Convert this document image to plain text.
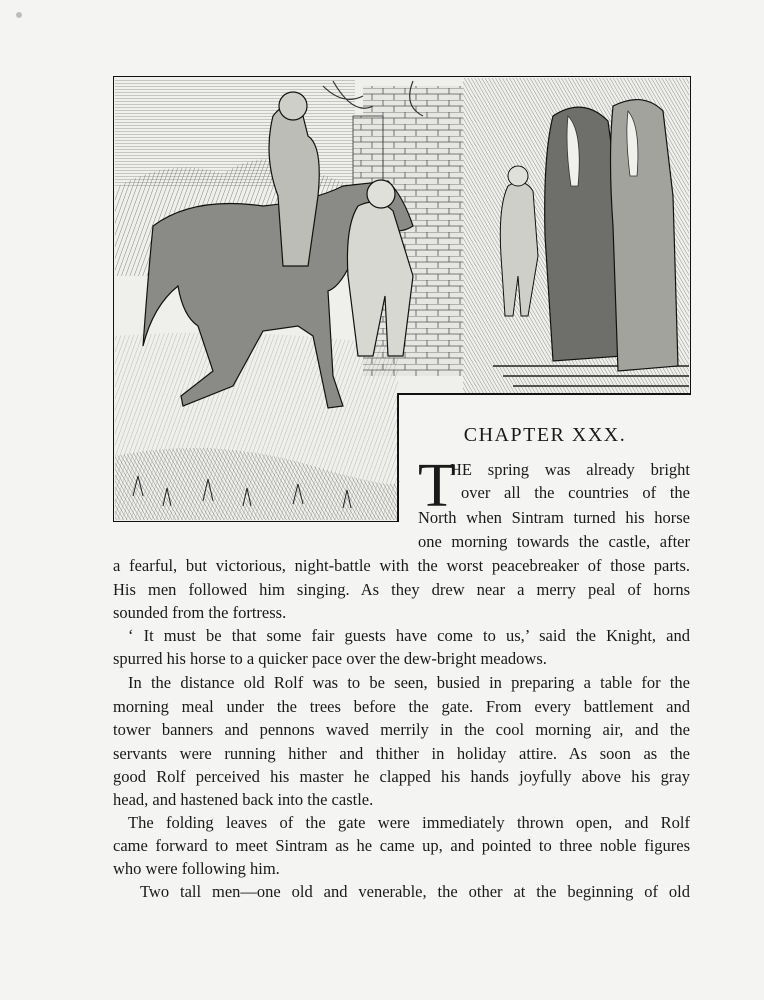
CHAPTER XXX.
T
HE spring was already bright
over all the countries of the
North when Sintram turned his horse
one morning towards the castle, after
a fearful, but victorious, night-battle with the worst peacebreaker of those parts.
His men followed him singing. As they drew near a merry peal of horns
sounded from the fortress.
‘ It must be that some fair guests have come to us,’ said the Knight, and
spurred his horse to a quicker pace over the dew-bright meadows.
In the distance old Rolf was to be seen, busied in preparing a table for the
morning meal under the trees before the gate. From every battlement and
tower banners and pennons waved merrily in the cool morning air, and the
servants were running hither and thither in holiday attire. As soon as the
good Rolf perceived his master he clapped his hands joyfully above his gray
head, and hastened back into the castle.
The folding leaves of the gate were immediately thrown open, and Rolf
came forward to meet Sintram as he came up, and pointed to three noble figures
who were following him.
Two tall men—one old and venerable, the other at the beginning of old
